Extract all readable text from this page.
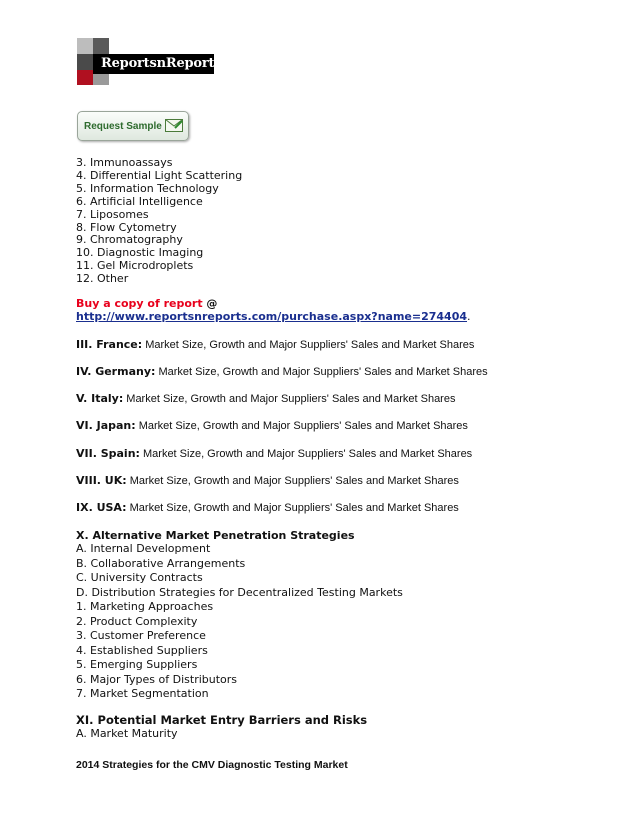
ReportsnReports
Request Sample
3. Immunoassays
4. Differential Light Scattering
5. Information Technology
6. Artificial Intelligence
7. Liposomes
8. Flow Cytometry
9. Chromatography
10. Diagnostic Imaging
11. Gel Microdroplets
12. Other
Buy a copy of report @
http://www.reportsnreports.com/purchase.aspx?name=274404.
III. France: Market Size, Growth and Major Suppliers' Sales and Market Shares
IV. Germany: Market Size, Growth and Major Suppliers' Sales and Market Shares
V. Italy: Market Size, Growth and Major Suppliers' Sales and Market Shares
VI. Japan: Market Size, Growth and Major Suppliers' Sales and Market Shares
VII. Spain: Market Size, Growth and Major Suppliers' Sales and Market Shares
VIII. UK: Market Size, Growth and Major Suppliers' Sales and Market Shares
IX. USA: Market Size, Growth and Major Suppliers' Sales and Market Shares
X. Alternative Market Penetration Strategies
A. Internal Development
B. Collaborative Arrangements
C. University Contracts
D. Distribution Strategies for Decentralized Testing Markets
1. Marketing Approaches
2. Product Complexity
3. Customer Preference
4. Established Suppliers
5. Emerging Suppliers
6. Major Types of Distributors
7. Market Segmentation
XI. Potential Market Entry Barriers and Risks
A. Market Maturity
2014 Strategies for the CMV Diagnostic Testing Market
